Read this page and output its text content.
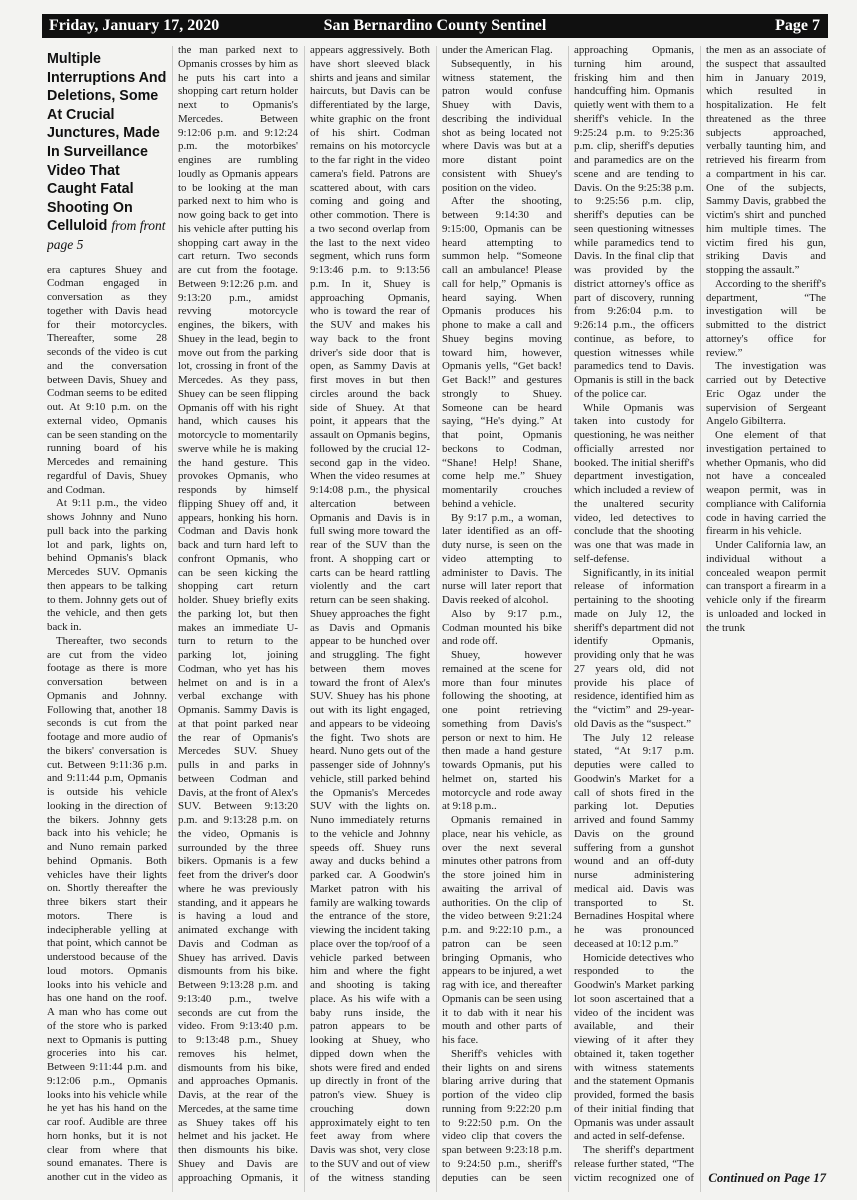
Friday, January 17, 2020	San Bernardino County Sentinel	Page 7
Multiple Interruptions And Deletions, Some At Crucial Junctures, Made In Surveillance Video That Caught Fatal Shooting On Celluloid from front page 5

era captures Shuey and Codman engaged in conversation as they together with Davis head for their motorcycles. Thereafter, some 28 seconds of the video is cut and the conversation between Davis, Shuey and Codman seems to be edited out. At 9:10 p.m. on the external video, Opmanis can be seen standing on the running board of his Mercedes and remaining regardful of Davis, Shuey and Codman.

At 9:11 p.m., the video shows Johnny and Nuno pull back into the parking lot and park, lights on, behind Opmanis's black Mercedes SUV. Opmanis then appears to be talking to them. Johnny gets out of the vehicle, and then gets back in.

Thereafter, two seconds are cut from the video footage as there is more conversation between Opmanis and Johnny. Following that, another 18 seconds is cut from the footage and more audio of the bikers' conversation is cut. Between 9:11:36 p.m. and 9:11:44 p.m, Opmanis is outside his vehicle looking in the direction of the bikers. Johnny gets back into his vehicle; he and Nuno remain parked behind Opmanis. Both vehicles have their lights on. Shortly thereafter the three bikers start their motors. There is indecipherable yelling at that point, which cannot be understood because of the loud motors. Opmanis looks into his vehicle and has one hand on the roof. A man who has come out of the store who is parked next to Opmanis is putting groceries into his car. Between 9:11:44 p.m. and 9:12:06 p.m., Opmanis looks into his vehicle while he yet has his hand on the car roof. Audible are three horn honks, but it is not clear from where that sound emanates. There is another cut in the video as

the man parked next to Opmanis crosses by him as he puts his cart into a shopping cart return holder next to Opmanis's Mercedes. Between 9:12:06 p.m. and 9:12:24 p.m. the motorbikes' engines are rumbling loudly as Opmanis appears to be looking at the man parked next to him who is now going back to get into his vehicle after putting his shopping cart away in the cart return. Two seconds are cut from the footage. Between 9:12:26 p.m. and 9:13:20 p.m., amidst revving motorcycle engines, the bikers, with Shuey in the lead, begin to move out from the parking lot, crossing in front of the Mercedes. As they pass, Shuey can be seen flipping Opmanis off with his right hand, which causes his motorcycle to momentarily swerve while he is making the hand gesture. This provokes Opmanis, who responds by himself flipping Shuey off and, it appears, honking his horn. Codman and Davis honk back and turn hard left to confront Opmanis, who can be seen kicking the shopping cart return holder. Shuey briefly exits the parking lot, but then makes an immediate U-turn to return to the parking lot, joining Codman, who yet has his helmet on and is in a verbal exchange with Opmanis. Sammy Davis is at that point parked near the rear of Opmanis's Mercedes SUV. Shuey pulls in and parks in between Codman and Davis, at the front of Alex's SUV. Between 9:13:20 p.m. and 9:13:28 p.m. on the video, Opmanis is surrounded by the three bikers. Opmanis is a few feet from the driver's door where he was previously standing, and it appears he is having a loud and animated exchange with Davis and Codman as Shuey has arrived. Davis dismounts from his bike. Between 9:13:28 p.m. and 9:13:40 p.m., twelve seconds are cut from the video. From 9:13:40 p.m. to 9:13:48 p.m., Shuey removes his helmet, dismounts from his bike, and approaches Opmanis. Davis, at the rear of the Mercedes, at the same time as Shuey takes off his helmet and his jacket. He then dismounts his bike. Shuey and Davis are approaching Opmanis, it

appears aggressively. Both have short sleeved black shirts and jeans and similar haircuts, but Davis can be differentiated by the large, white graphic on the front of his shirt. Codman remains on his motorcycle to the far right in the video camera's field. Patrons are scattered about, with cars coming and going and other commotion. There is a two second overlap from the last to the next video segment, which runs form 9:13:46 p.m. to 9:13:56 p.m. In it, Shuey is approaching Opmanis, who is toward the rear of the SUV and makes his way back to the front driver's side door that is open, as Sammy Davis at first moves in but then circles around the back side of Shuey. At that point, it appears that the assault on Opmanis begins, followed by the crucial 12-second gap in the video. When the video resumes at 9:14:08 p.m., the physical altercation between Opmanis and Davis is in full swing more toward the rear of the SUV than the front. A shopping cart or carts can be heard rattling violently and the cart return can be seen shaking. Shuey approaches the fight as Davis and Opmanis appear to be hunched over and struggling. The fight between them moves toward the front of Alex's SUV. Shuey has his phone out with its light engaged, and appears to be videoing the fight. Two shots are heard. Nuno gets out of the passenger side of Johnny's vehicle, still parked behind the Opmanis's Mercedes SUV with the lights on. Nuno immediately returns to the vehicle and Johnny speeds off. Shuey runs away and ducks behind a parked car. A Goodwin's Market patron with his family are walking towards the entrance of the store, viewing the incident taking place over the top/roof of a vehicle parked between him and where the fight and shooting is taking place. As his wife with a baby runs inside, the patron appears to be looking at Shuey, who dipped down when the shots were fired and ended up directly in front of the patron's view. Shuey is crouching down approximately eight to ten feet away from where Davis was shot, very close to the SUV and out of view of the witness standing

under the American Flag.

Subsequently, in his witness statement, the patron would confuse Shuey with Davis, describing the individual shot as being located not where Davis was but at a more distant point consistent with Shuey's position on the video.

After the shooting, between 9:14:30 and 9:15:00, Opmanis can be heard attempting to summon help. “Someone call an ambulance! Please call for help,” Opmanis is heard saying. When Opmanis produces his phone to make a call and Shuey begins moving toward him, however, Opmanis yells, “Get back! Get Back!” and gestures strongly to Shuey. Someone can be heard saying, “He's dying.” At that point, Opmanis beckons to Codman, “Shane! Help! Shane, come help me.” Shuey momentarily crouches behind a vehicle.

By 9:17 p.m., a woman, later identified as an off-duty nurse, is seen on the video attempting to administer to Davis. The nurse will later report that Davis reeked of alcohol.

Also by 9:17 p.m., Codman mounted his bike and rode off.

Shuey, however remained at the scene for more than four minutes following the shooting, at one point retrieving something from Davis's person or next to him. He then made a hand gesture towards Opmanis, put his helmet on, started his motorcycle and rode away at 9:18 p.m..

Opmanis remained in place, near his vehicle, as over the next several minutes other patrons from the store joined him in awaiting the arrival of authorities. On the clip of the video between 9:21:24 p.m. and 9:22:10 p.m., a patron can be seen bringing Opmanis, who appears to be injured, a wet rag with ice, and thereafter Opmanis can be seen using it to dab with it near his mouth and other parts of his face.

Sheriff's vehicles with their lights on and sirens blaring arrive during that portion of the video clip running from 9:22:20 p.m to 9:22:50 p.m. On the video clip that covers the span between 9:23:18 p.m. to 9:24:50 p.m., sheriff's deputies can be seen

approaching Opmanis, turning him around, frisking him and then handcuffing him. Opmanis quietly went with them to a sheriff's vehicle. In the 9:25:24 p.m. to 9:25:36 p.m. clip, sheriff's deputies and paramedics are on the scene and are tending to Davis. On the 9:25:38 p.m. to 9:25:56 p.m. clip, sheriff's deputies can be seen questioning witnesses while paramedics tend to Davis. In the final clip that was provided by the district attorney's office as part of discovery, running from 9:26:04 p.m. to 9:26:14 p.m., the officers continue, as before, to question witnesses while paramedics tend to Davis. Opmanis is still in the back of the police car.

While Opmanis was taken into custody for questioning, he was neither officially arrested nor booked. The initial sheriff's department investigation, which included a review of the unaltered security video, led detectives to conclude that the shooting was one that was made in self-defense.

Significantly, in its initial release of information pertaining to the shooting made on July 12, the sheriff's department did not identify Opmanis, providing only that he was 27 years old, did not provide his place of residence, identified him as the “victim” and 29-year-old Davis as the “suspect.”

The July 12 release stated, “At 9:17 p.m. deputies were called to Goodwin's Market for a call of shots fired in the parking lot. Deputies arrived and found Sammy Davis on the ground suffering from a gunshot wound and an off-duty nurse administering medical aid. Davis was transported to St. Bernadines Hospital where he was pronounced deceased at 10:12 p.m.”

Homicide detectives who responded to the Goodwin's Market parking lot soon ascertained that a video of the incident was available, and their viewing of it after they obtained it, taken together with witness statements and the statement Opmanis provided, formed the basis of their initial finding that Opmanis was under assault and acted in self-defense.

The sheriff's department release further stated, “The victim recognized one of

the men as an associate of the suspect that assaulted him in January 2019, which resulted in hospitalization. He felt threatened as the three subjects approached, verbally taunting him, and retrieved his firearm from a compartment in his car. One of the subjects, Sammy Davis, grabbed the victim's shirt and punched him multiple times. The victim fired his gun, striking Davis and stopping the assault.”

According to the sheriff's department, “The investigation will be submitted to the district attorney's office for review.”

The investigation was carried out by Detective Eric Ogaz under the supervision of Sergeant Angelo Gibilterra.

One element of that investigation pertained to whether Opmanis, who did not have a concealed weapon permit, was in compliance with California code in having carried the firearm in his vehicle.

Under California law, an individual without a concealed weapon permit can transport a firearm in a vehicle only if the firearm is unloaded and locked in the trunk

Continued on Page 17
